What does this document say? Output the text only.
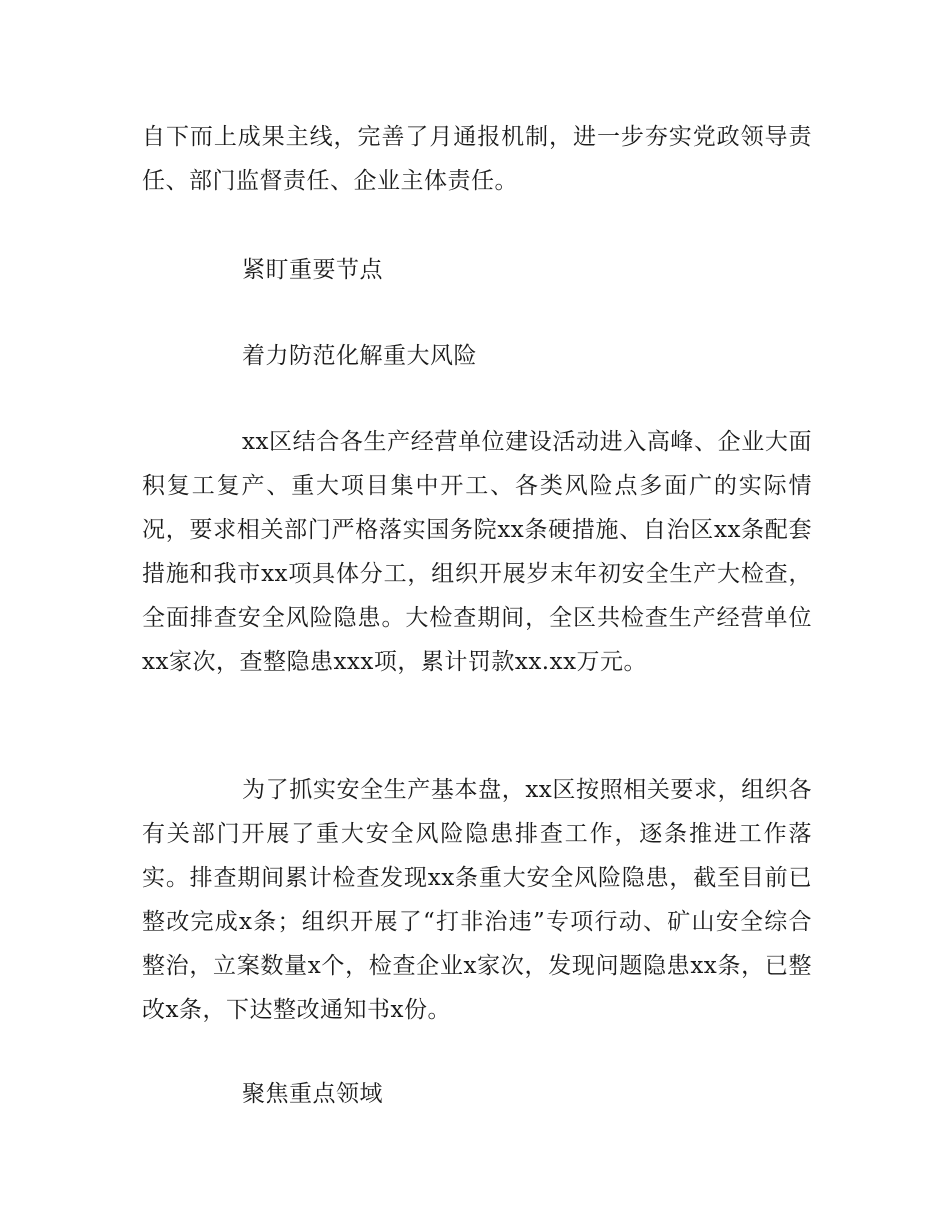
自下而上成果主线，完善了月通报机制，进一步夯实党政领导责任、部门监督责任、企业主体责任。

紧盯重要节点

着力防范化解重大风险

xx区结合各生产经营单位建设活动进入高峰、企业大面积复工复产、重大项目集中开工、各类风险点多面广的实际情况，要求相关部门严格落实国务院xx条硬措施、自治区xx条配套措施和我市xx项具体分工，组织开展岁末年初安全生产大检查，全面排查安全风险隐患。大检查期间，全区共检查生产经营单位xx家次，查整隐患xxx项，累计罚款xx.xx万元。

为了抓实安全生产基本盘，xx区按照相关要求，组织各有关部门开展了重大安全风险隐患排查工作，逐条推进工作落实。排查期间累计检查发现xx条重大安全风险隐患，截至目前已整改完成x条；组织开展了“打非治违”专项行动、矿山安全综合整治，立案数量x个，检查企业x家次，发现问题隐患xx条，已整改x条，下达整改通知书x份。

聚焦重点领域
